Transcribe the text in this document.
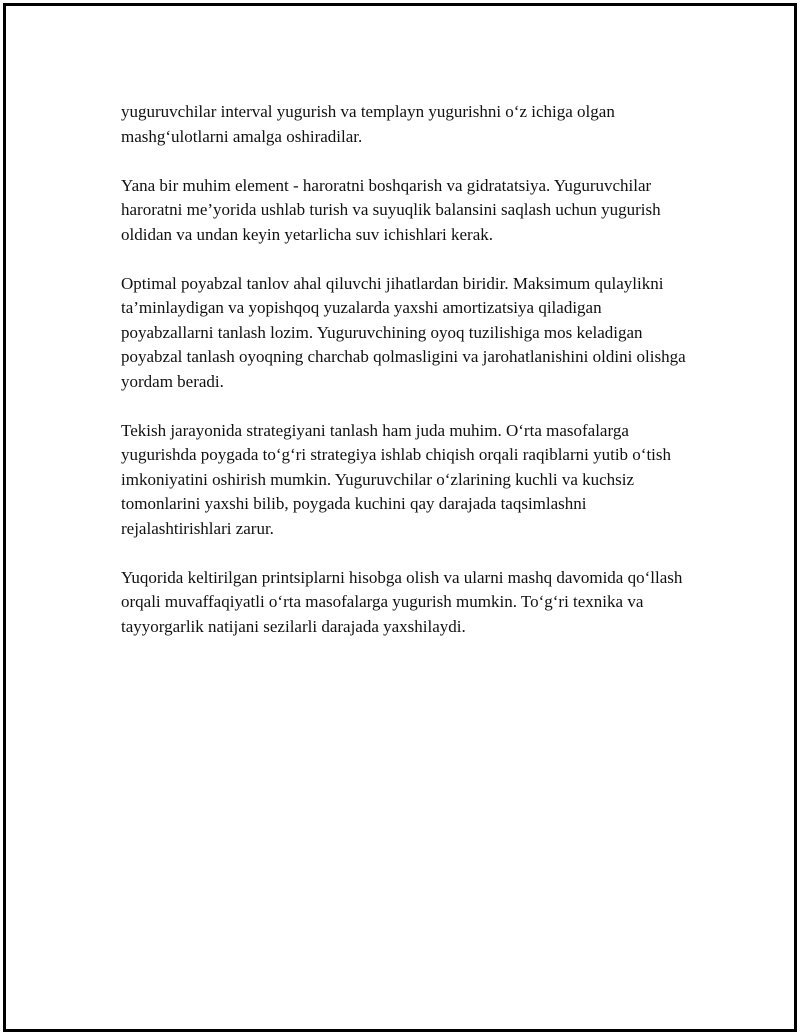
yuguruvchilar interval yugurish va templayn yugurishni o‘z ichiga olgan mashg‘ulotlarni amalga oshiradilar.

Yana bir muhim element - haroratni boshqarish va gidratatsiya. Yuguruvchilar haroratni me’yorida ushlab turish va suyuqlik balansini saqlash uchun yugurish oldidan va undan keyin yetarlicha suv ichishlari kerak.

Optimal poyabzal tanlov ahal qiluvchi jihatlardan biridir. Maksimum qulaylikni ta’minlaydigan va yopishqoq yuzalarda yaxshi amortizatsiya qiladigan poyabzallarni tanlash lozim. Yuguruvchining oyoq tuzilishiga mos keladigan poyabzal tanlash oyoqning charchab qolmasligini va jarohatlanishini oldini olishga yordam beradi.

Tekish jarayonida strategiyani tanlash ham juda muhim. O‘rta masofalarga yugurishda poygada to‘g‘ri strategiya ishlab chiqish orqali raqiblarni yutib o‘tish imkoniyatini oshirish mumkin. Yuguruvchilar o‘zlarining kuchli va kuchsiz tomonlarini yaxshi bilib, poygada kuchini qay darajada taqsimlashni rejalashtirishlari zarur.

Yuqorida keltirilgan printsiplarni hisobga olish va ularni mashq davomida qo‘llash orqali muvaffaqiyatli o‘rta masofalarga yugurish mumkin. To‘g‘ri texnika va tayyorgarlik natijani sezilarli darajada yaxshilaydi.
